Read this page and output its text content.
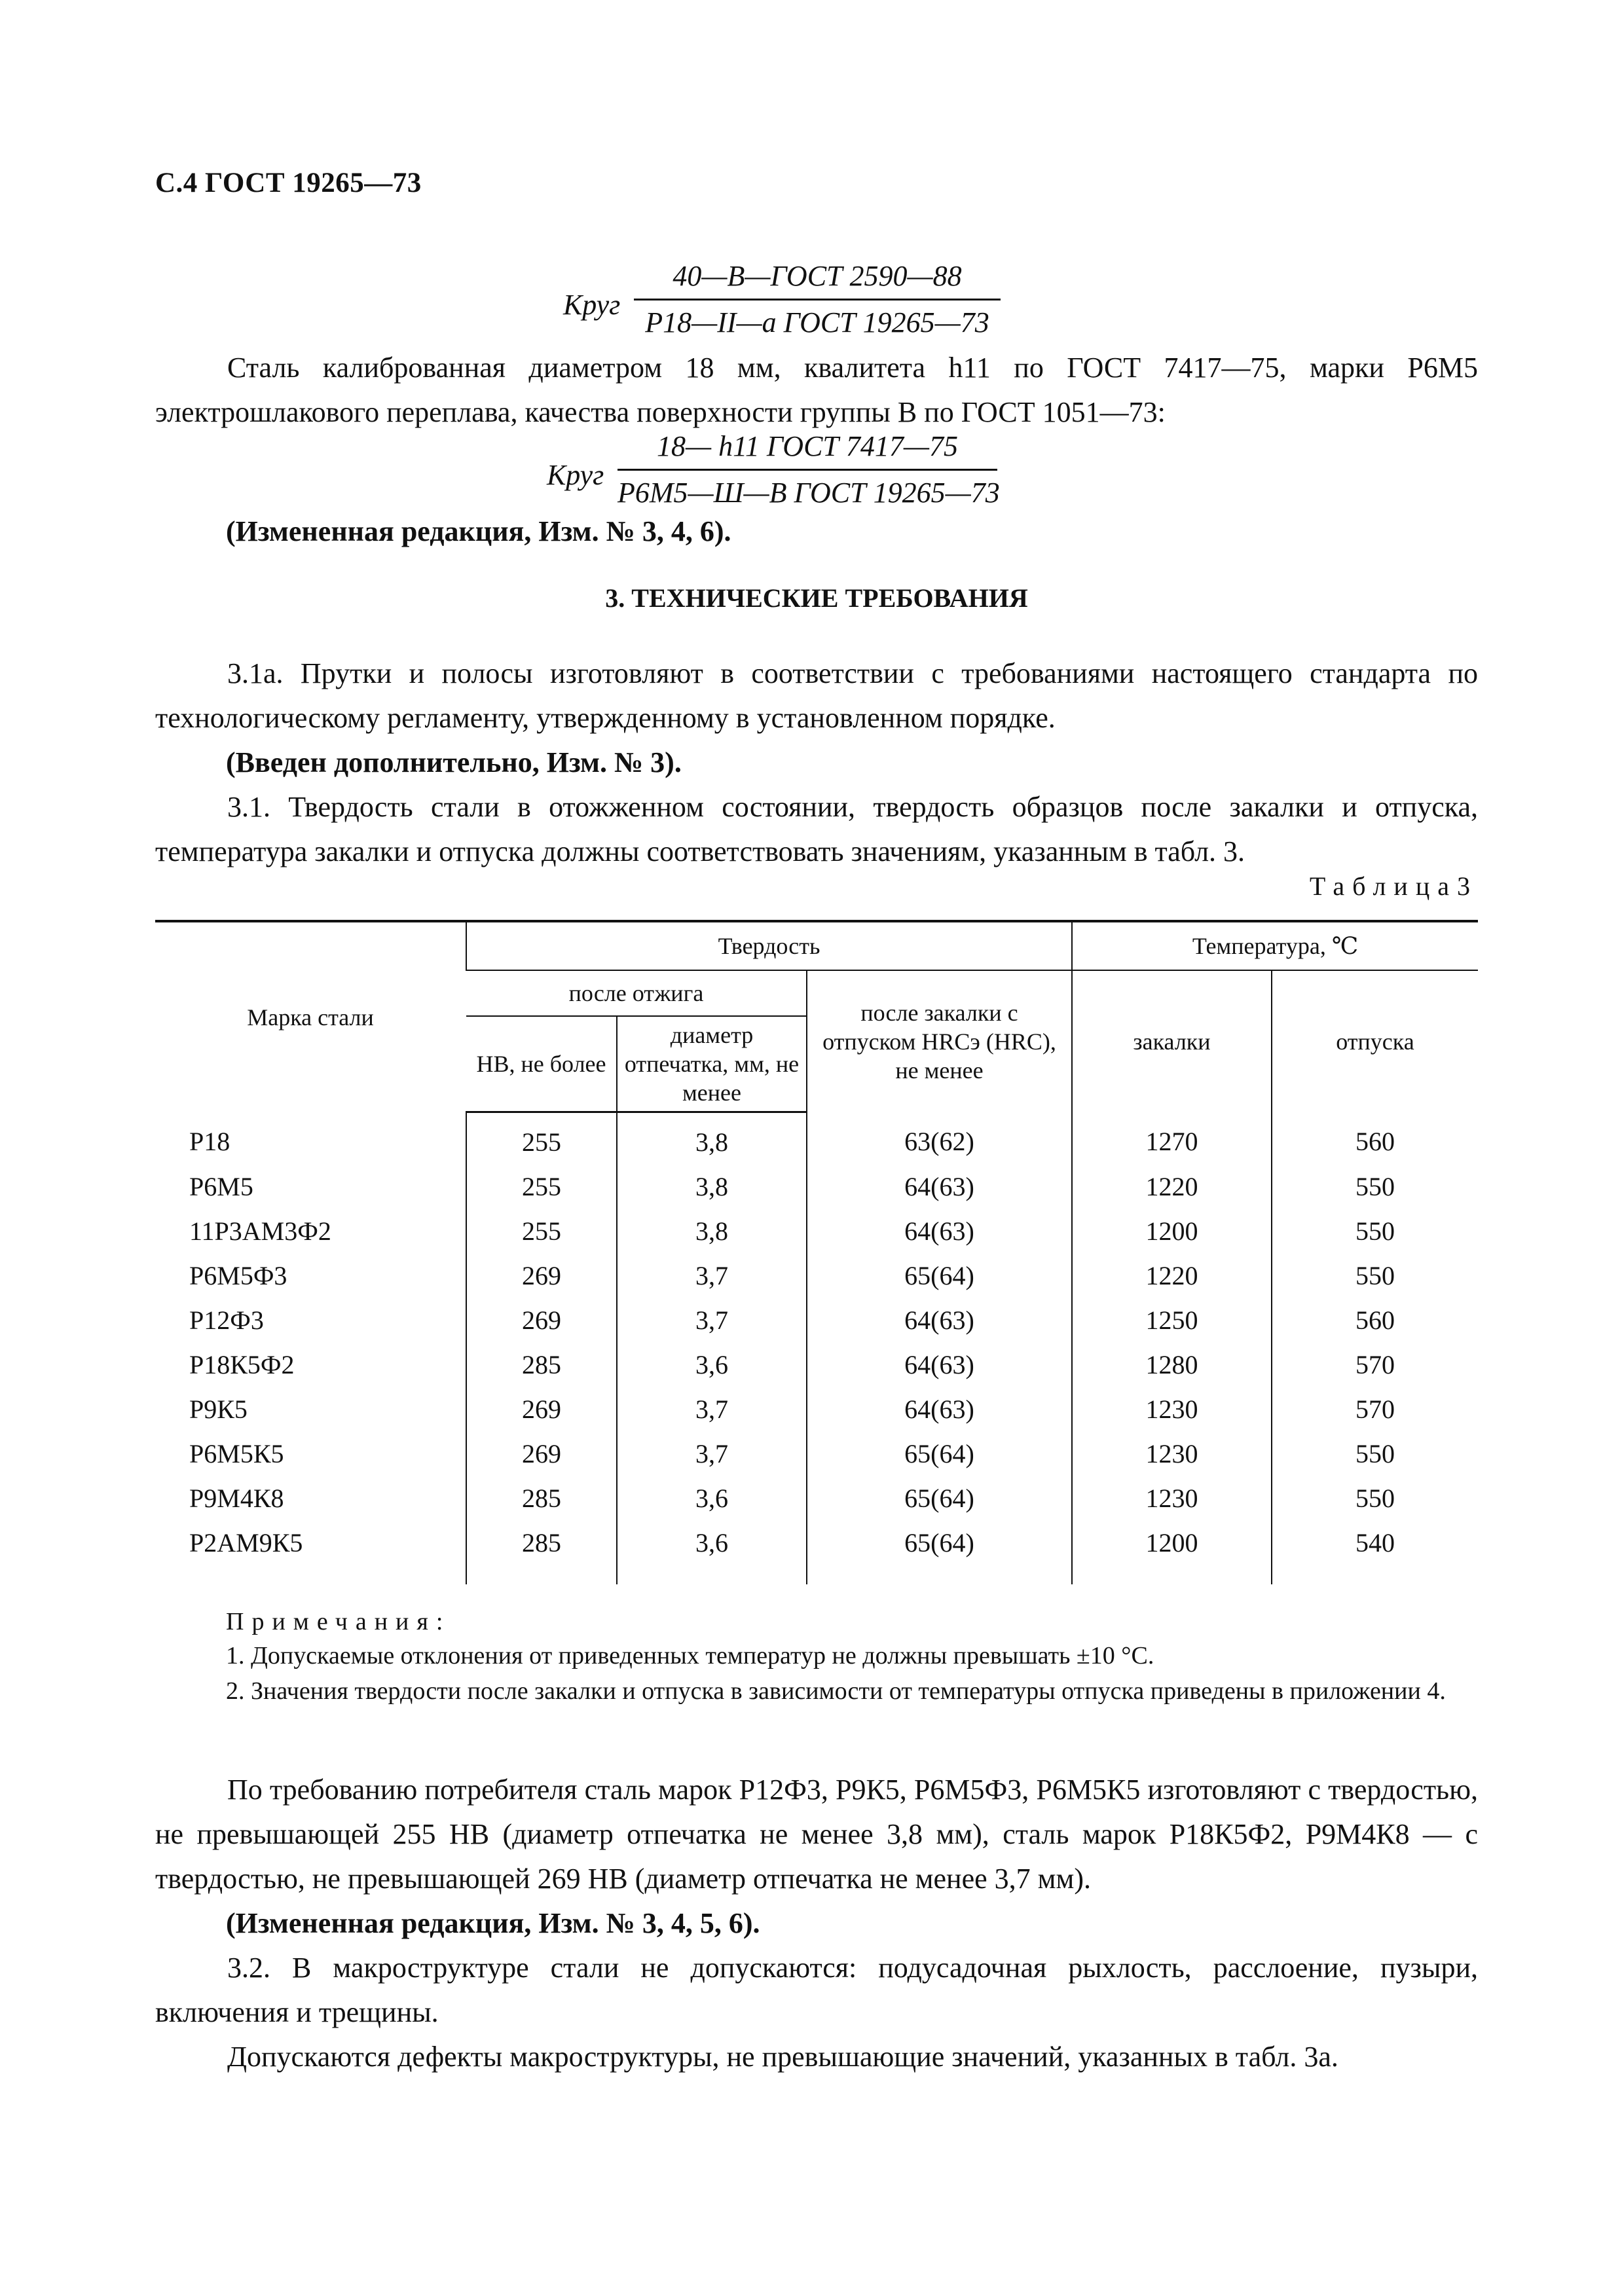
С.4 ГОСТ 19265—73
Круг
40—В—ГОСТ 2590—88
Р18—II—а ГОСТ 19265—73
Сталь калиброванная диаметром 18 мм, квалитета h11 по ГОСТ 7417—75, марки Р6М5 электрошлакового переплава, качества поверхности группы В по ГОСТ 1051—73:
Круг
18— h11 ГОСТ 7417—75
Р6М5—Ш—В ГОСТ 19265—73
(Измененная редакция, Изм. № 3, 4, 6).
3. ТЕХНИЧЕСКИЕ ТРЕБОВАНИЯ
3.1а. Прутки и полосы изготовляют в соответствии с требованиями настоящего стандарта по технологическому регламенту, утвержденному в установленном порядке.
(Введен дополнительно, Изм. № 3).
3.1. Твердость стали в отожженном состоянии, твердость образцов после закалки и отпуска, температура закалки и отпуска должны соответствовать значениям, указанным в табл. 3.
Таблица3
Марка стали	Твердость			Температура, ℃	
	после отжига		после закалки с отпуском HRCэ (HRC), не менее	закалки	отпуска
	НВ, не более	диаметр отпечатка, мм, не менее			
Р18	255	3,8	63(62)	1270	560
Р6М5	255	3,8	64(63)	1220	550
11Р3АМ3Ф2	255	3,8	64(63)	1200	550
Р6М5Ф3	269	3,7	65(64)	1220	550
Р12Ф3	269	3,7	64(63)	1250	560
Р18К5Ф2	285	3,6	64(63)	1280	570
Р9К5	269	3,7	64(63)	1230	570
Р6М5К5	269	3,7	65(64)	1230	550
Р9М4К8	285	3,6	65(64)	1230	550
Р2АМ9К5	285	3,6	65(64)	1200	540
Примечания:
1. Допускаемые отклонения от приведенных температур не должны превышать ±10 °С.
2. Значения твердости после закалки и отпуска в зависимости от температуры отпуска приведены в приложении 4.
По требованию потребителя сталь марок Р12Ф3, Р9К5, Р6М5Ф3, Р6М5К5 изготовляют с твердостью, не превышающей 255 НВ (диаметр отпечатка не менее 3,8 мм), сталь марок Р18К5Ф2, Р9М4К8 — с твердостью, не превышающей 269 НВ (диаметр отпечатка не менее 3,7 мм).
(Измененная редакция, Изм. № 3, 4, 5, 6).
3.2. В макроструктуре стали не допускаются: подусадочная рыхлость, расслоение, пузыри, включения и трещины.
Допускаются дефекты макроструктуры, не превышающие значений, указанных в табл. 3а.
